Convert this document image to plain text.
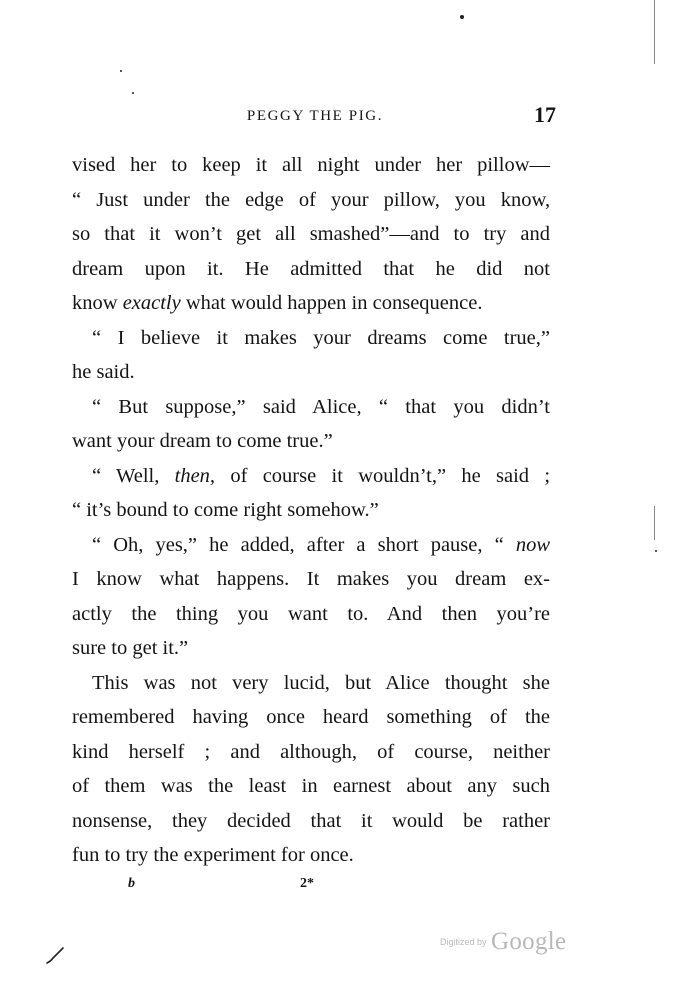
PEGGY THE PIG.	17
vised her to keep it all night under her pillow—
“ Just under the edge of your pillow, you know,
so that it won’t get all smashed”—and to try and
dream upon it. He admitted that he did not
know exactly what would happen in consequence.
“ I believe it makes your dreams come true,”
he said.
“ But suppose,” said Alice, “ that you didn’t
want your dream to come true.”
“ Well, then, of course it wouldn’t,” he said ;
“ it’s bound to come right somehow.”
“ Oh, yes,” he added, after a short pause, “ now
I know what happens. It makes you dream ex-
actly the thing you want to. And then you’re
sure to get it.”
This was not very lucid, but Alice thought she
remembered having once heard something of the
kind herself ; and although, of course, neither
of them was the least in earnest about any such
nonsense, they decided that it would be rather
fun to try the experiment for once.
b	2*
Digitized by Google
